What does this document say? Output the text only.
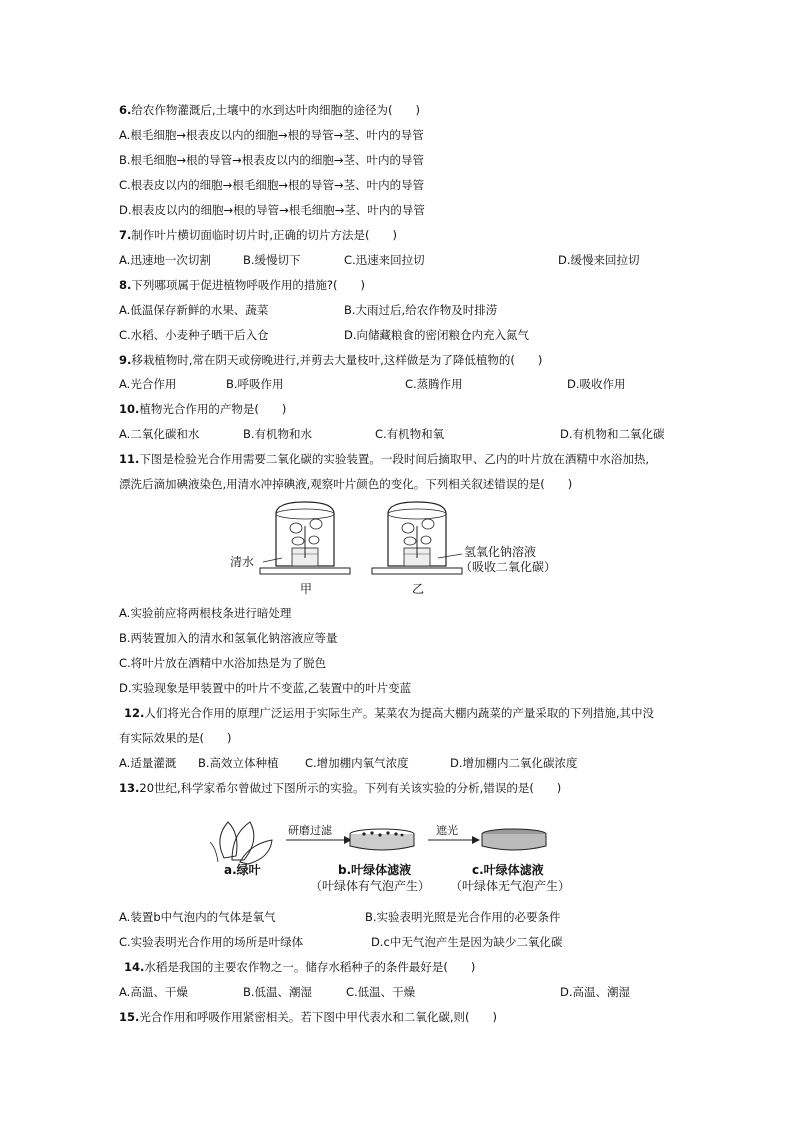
6.给农作物灌溉后,土壤中的水到达叶肉细胞的途径为(　　)
A.根毛细胞→根表皮以内的细胞→根的导管→茎、叶内的导管
B.根毛细胞→根的导管→根表皮以内的细胞→茎、叶内的导管
C.根表皮以内的细胞→根毛细胞→根的导管→茎、叶内的导管
D.根表皮以内的细胞→根的导管→根毛细胞→茎、叶内的导管
7.制作叶片横切面临时切片时,正确的切片方法是(　　)
A.迅速地一次切割	B.缓慢切下	C.迅速来回拉切	D.缓慢来回拉切
8.下列哪项属于促进植物呼吸作用的措施?(　　)
A.低温保存新鲜的水果、蔬菜	B.大雨过后,给农作物及时排涝
C.水稻、小麦种子晒干后入仓	D.向储藏粮食的密闭粮仓内充入氮气
9.移栽植物时,常在阴天或傍晚进行,并剪去大量枝叶,这样做是为了降低植物的(　　)
A.光合作用	B.呼吸作用	C.蒸腾作用	D.吸收作用
10.植物光合作用的产物是(　　)
A.二氧化碳和水	B.有机物和水	C.有机物和氧	D.有机物和二氧化碳
11.下图是检验光合作用需要二氧化碳的实验装置。一段时间后摘取甲、乙内的叶片放在酒精中水浴加热,
漂洗后滴加碘液染色,用清水冲掉碘液,观察叶片颜色的变化。下列相关叙述错误的是(　　)
清水
甲
氢氧化钠溶液
（吸收二氧化碳）
乙
A.实验前应将两根枝条进行暗处理
B.两装置加入的清水和氢氧化钠溶液应等量
C.将叶片放在酒精中水浴加热是为了脱色
D.实验现象是甲装置中的叶片不变蓝,乙装置中的叶片变蓝
12.人们将光合作用的原理广泛运用于实际生产。某菜农为提高大棚内蔬菜的产量采取的下列措施,其中没
有实际效果的是(　　)
A.适量灌溉 B.高效立体种植 C.增加棚内氧气浓度	D.增加棚内二氧化碳浓度
13.20世纪,科学家希尔曾做过下图所示的实验。下列有关该实验的分析,错误的是(　　)
a.绿叶
研磨过滤
b.叶绿体滤液
（叶绿体有气泡产生）
遮光
c.叶绿体滤液
（叶绿体无气泡产生）
A.装置b中气泡内的气体是氧气	B.实验表明光照是光合作用的必要条件
C.实验表明光合作用的场所是叶绿体	D.c中无气泡产生是因为缺少二氧化碳
14.水稻是我国的主要农作物之一。储存水稻种子的条件最好是(　　)
A.高温、干燥	B.低温、潮湿	C.低温、干燥	D.高温、潮湿
15.光合作用和呼吸作用紧密相关。若下图中甲代表水和二氧化碳,则(　　)
